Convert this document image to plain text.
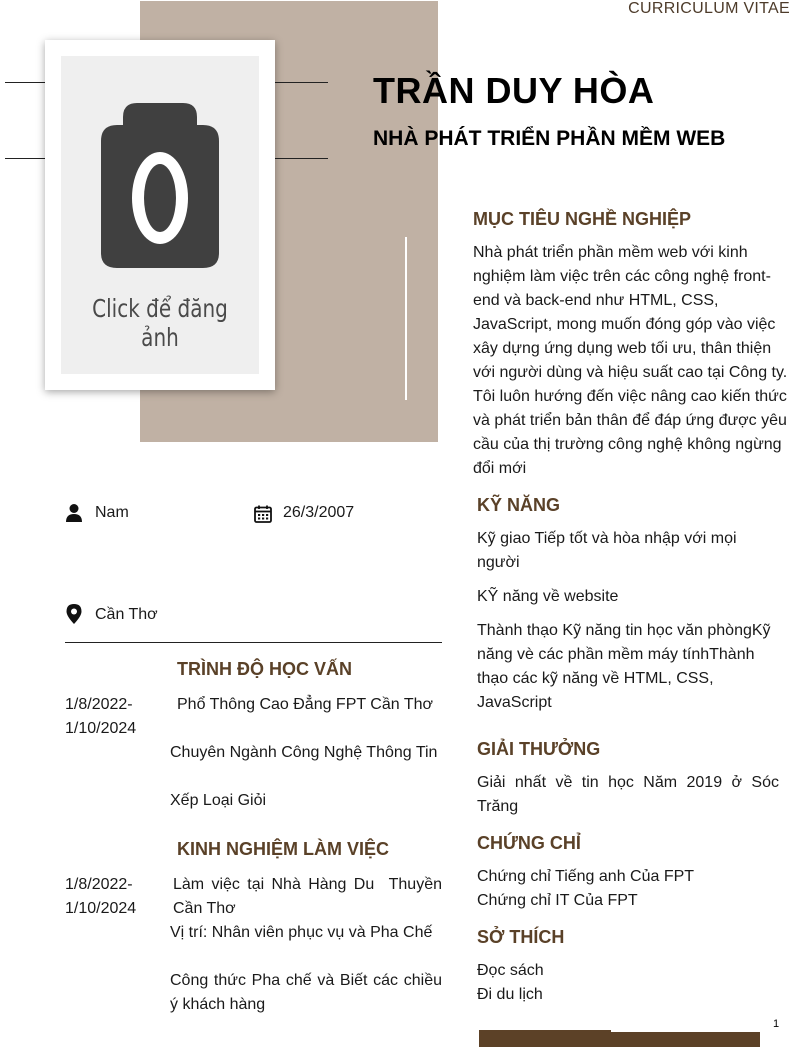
Click để đăng ảnh
CURRICULUM VITAE
TRẦN DUY HÒA
NHÀ PHÁT TRIỂN PHẦN MỀM WEB
Nam	26/3/2007
Cần Thơ
TRÌNH ĐỘ HỌC VẤN
1/8/2022-
1/10/2024
Phổ Thông Cao Đẳng FPT Cần Thơ
Chuyên Ngành Công Nghệ Thông Tin
Xếp Loại Giỏi
KINH NGHIỆM LÀM VIỆC
1/8/2022-
1/10/2024
Làm việc tại Nhà Hàng Du  Thuyền Cần Thơ
Vị trí: Nhân viên phục vụ và Pha Chế
Công thức Pha chế và Biết các chiều ý khách hàng
MỤC TIÊU NGHỀ NGHIỆP
Nhà phát triển phần mềm web với kinh nghiệm làm việc trên các công nghệ front-end và back-end như HTML, CSS, JavaScript, mong muốn đóng góp vào việc xây dựng ứng dụng web tối ưu, thân thiện với người dùng và hiệu suất cao tại Công ty. Tôi luôn hướng đến việc nâng cao kiến thức và phát triển bản thân để đáp ứng được yêu cầu của thị trường công nghệ không ngừng đổi mới
KỸ NĂNG
Kỹ giao Tiếp tốt và hòa nhập với mọi người
KỸ năng về website
Thành thạo Kỹ năng tin học văn phòngKỹ năng vè các phần mềm máy tínhThành thạo các kỹ năng về HTML, CSS, JavaScript
GIẢI THƯỞNG
Giải nhất về tin học Năm 2019 ở Sóc Trăng
CHỨNG CHỈ
Chứng chỉ Tiếng anh Của FPT
Chứng chỉ IT Của FPT
SỞ THÍCH
Đọc sách
Đi du lịch
1
